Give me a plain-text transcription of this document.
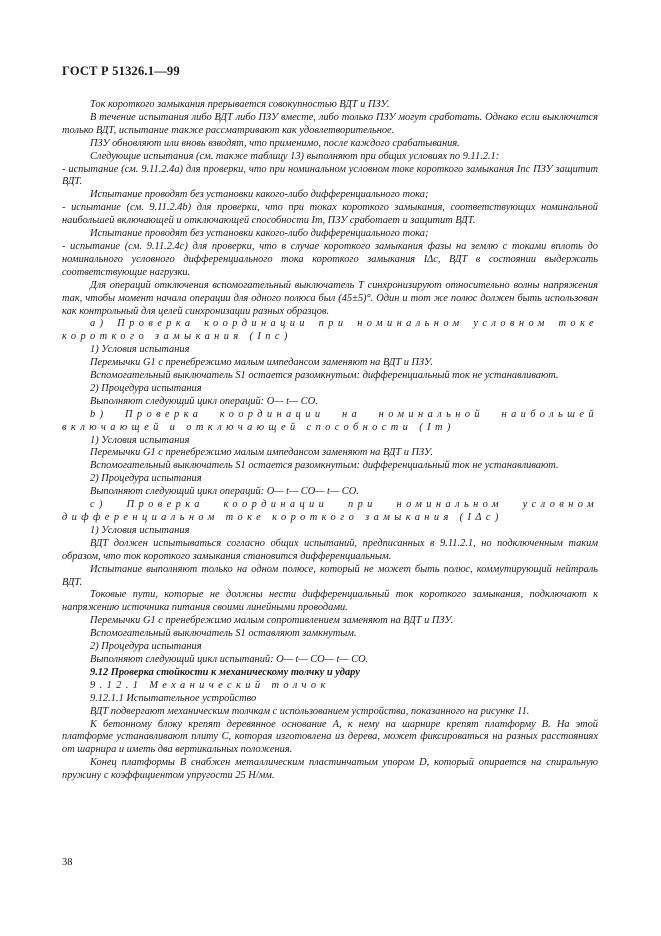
ГОСТ Р 51326.1—99

Ток короткого замыкания прерывается совокупностью ВДТ и ПЗУ.

В течение испытания либо ВДТ либо ПЗУ вместе, либо только ПЗУ могут сработать. Однако если выключится только ВДТ, испытание также рассматривают как удовлетворительное.

ПЗУ обновляют или вновь взводят, что применимо, после каждого срабатывания.

Следующие испытания (см. также таблицу 13) выполняют при общих условиях по 9.11.2.1:

- испытание (см. 9.11.2.4а) для проверки, что при номинальном условном токе короткого замыкания Iпс ПЗУ защитит ВДТ.

Испытание проводят без установки какого-либо дифференциального тока;

- испытание (см. 9.11.2.4b) для проверки, что при токах короткого замыкания, соответствующих номинальной наибольшей включающей и отключающей способности Im, ПЗУ сработает и защитит ВДТ.

Испытание проводят без установки какого-либо дифференциального тока;

- испытание (см. 9.11.2.4с) для проверки, что в случае короткого замыкания фазы на землю с токами вплоть до номинального условного дифференциального тока короткого замыкания IΔс, ВДТ в состоянии выдержать соответствующие нагрузки.

Для операций отключения вспомогательный выключатель Т синхронизируют относительно волны напряжения так, чтобы момент начала операции для одного полюса был (45±5)°. Один и тот же полюс должен быть использован как контрольный для целей синхронизации разных образцов.

а) Проверка координации при номинальном условном токе короткого замыкания (Iпс)

1) Условия испытания

Перемычки G1 с пренебрежимо малым импедансом заменяют на ВДТ и ПЗУ.

Вспомогательный выключатель S1 остается разомкнутым: дифференциальный ток не устанавливают.

2) Процедура испытания

Выполняют следующий цикл операций: О— t— СО.

b) Проверка координации на номинальной наибольшей включающей и отключающей способности (Im)

1) Условия испытания

Перемычки G1 с пренебрежимо малым импедансом заменяют на ВДТ и ПЗУ.

Вспомогательный выключатель S1 остается разомкнутым: дифференциальный ток не устанавливают.

2) Процедура испытания

Выполняют следующий цикл операций: О— t— СО— t— СО.

с) Проверка координации при номинальном условном дифференциальном токе короткого замыкания (IΔс)

1) Условия испытания

ВДТ должен испытываться согласно общих испытаний, предписанных в 9.11.2.1, но подключенным таким образом, что ток короткого замыкания становится дифференциальным.

Испытание выполняют только на одном полюсе, который не может быть полюс, коммутирующий нейтраль ВДТ.

Токовые пути, которые не должны нести дифференциальный ток короткого замыкания, подключают к напряжению источника питания своими линейными проводами.

Перемычки G1 с пренебрежимо малым сопротивлением заменяют на ВДТ и ПЗУ.

Вспомогательный выключатель S1 оставляют замкнутым.

2) Процедура испытания

Выполняют следующий цикл испытаний: О— t— СО— t— СО.

9.12 Проверка стойкости к механическому толчку и удару

9.12.1 Механический толчок

9.12.1.1 Испытательное устройство

ВДТ подвергают механическим толчкам с использованием устройства, показанного на рисунке 11.

К бетонному блоку крепят деревянное основание А, к нему на шарнире крепят платформу В. На этой платформе устанавливают плиту С, которая изготовлена из дерева, может фиксироваться на разных расстояниях от шарнира и иметь два вертикальных положения.

Конец платформы В снабжен металлическим пластинчатым упором D, который опирается на спиральную пружину с коэффициентом упругости 25 Н/мм.

38
